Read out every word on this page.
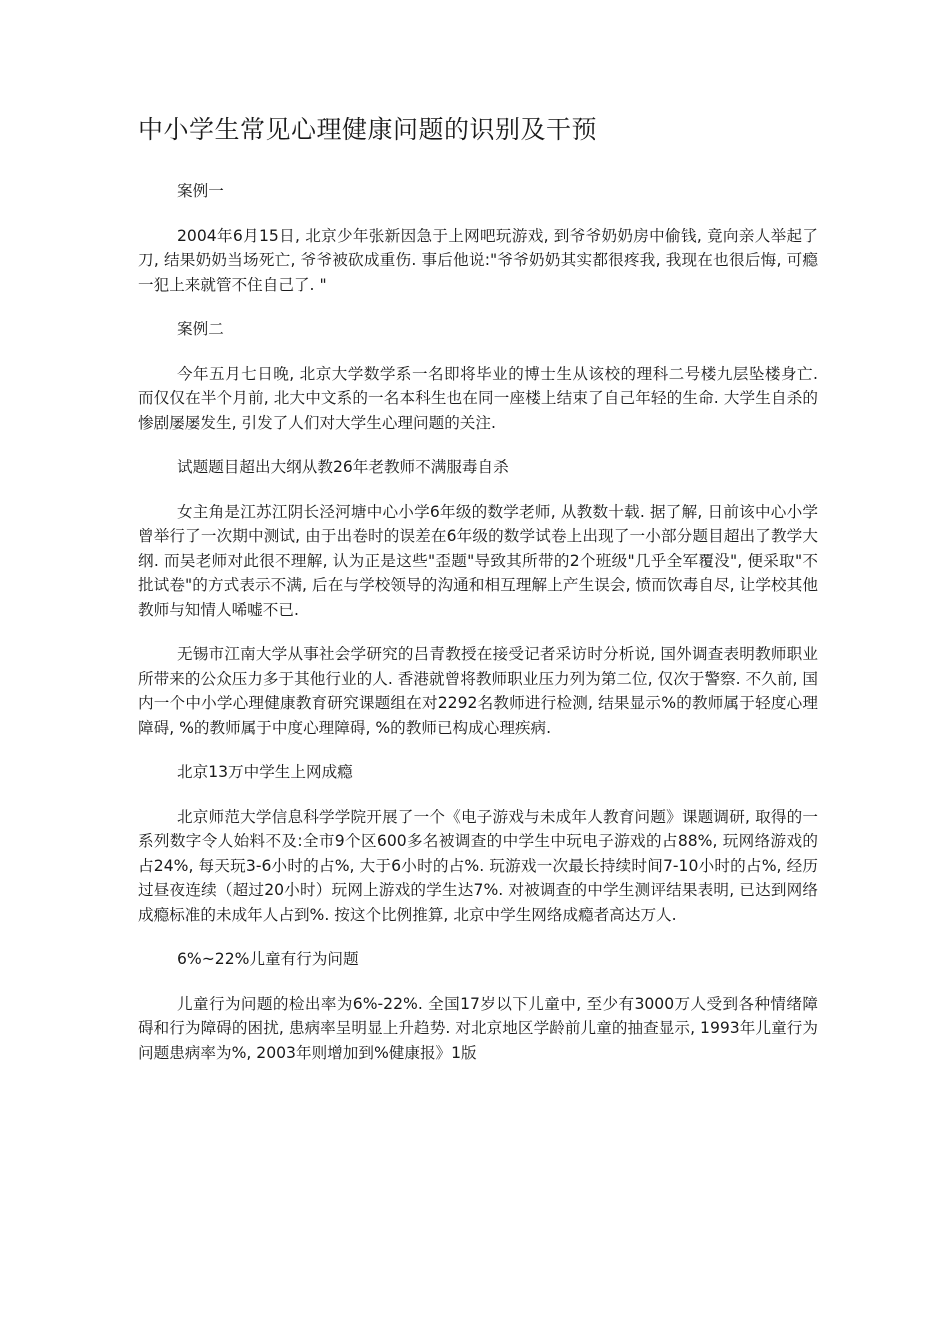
中小学生常见心理健康问题的识别及干预

案例一

2004年6月15日, 北京少年张新因急于上网吧玩游戏, 到爷爷奶奶房中偷钱, 竟向亲人举起了刀, 结果奶奶当场死亡, 爷爷被砍成重伤. 事后他说:"爷爷奶奶其实都很疼我, 我现在也很后悔, 可瘾一犯上来就管不住自己了. "

案例二

今年五月七日晚, 北京大学数学系一名即将毕业的博士生从该校的理科二号楼九层坠楼身亡. 而仅仅在半个月前, 北大中文系的一名本科生也在同一座楼上结束了自己年轻的生命. 大学生自杀的惨剧屡屡发生, 引发了人们对大学生心理问题的关注.

试题题目超出大纲从教26年老教师不满服毒自杀

女主角是江苏江阴长泾河塘中心小学6年级的数学老师, 从教数十载. 据了解, 日前该中心小学曾举行了一次期中测试, 由于出卷时的误差在6年级的数学试卷上出现了一小部分题目超出了教学大纲. 而吴老师对此很不理解, 认为正是这些"歪题"导致其所带的2个班级"几乎全军覆没", 便采取"不批试卷"的方式表示不满, 后在与学校领导的沟通和相互理解上产生误会, 愤而饮毒自尽, 让学校其他教师与知情人唏嘘不已.

无锡市江南大学从事社会学研究的吕青教授在接受记者采访时分析说, 国外调查表明教师职业所带来的公众压力多于其他行业的人. 香港就曾将教师职业压力列为第二位, 仅次于警察. 不久前, 国内一个中小学心理健康教育研究课题组在对2292名教师进行检测, 结果显示%的教师属于轻度心理障碍, %的教师属于中度心理障碍, %的教师已构成心理疾病.

北京13万中学生上网成瘾

北京师范大学信息科学学院开展了一个《电子游戏与未成年人教育问题》课题调研, 取得的一系列数字令人始料不及:全市9个区600多名被调查的中学生中玩电子游戏的占88%, 玩网络游戏的占24%, 每天玩3-6小时的占%, 大于6小时的占%. 玩游戏一次最长持续时间7-10小时的占%, 经历过昼夜连续（超过20小时）玩网上游戏的学生达7%. 对被调查的中学生测评结果表明, 已达到网络成瘾标准的未成年人占到%. 按这个比例推算, 北京中学生网络成瘾者高达万人.

6%~22%儿童有行为问题

儿童行为问题的检出率为6%-22%. 全国17岁以下儿童中, 至少有3000万人受到各种情绪障碍和行为障碍的困扰, 患病率呈明显上升趋势. 对北京地区学龄前儿童的抽查显示, 1993年儿童行为问题患病率为%, 2003年则增加到%健康报》1版
